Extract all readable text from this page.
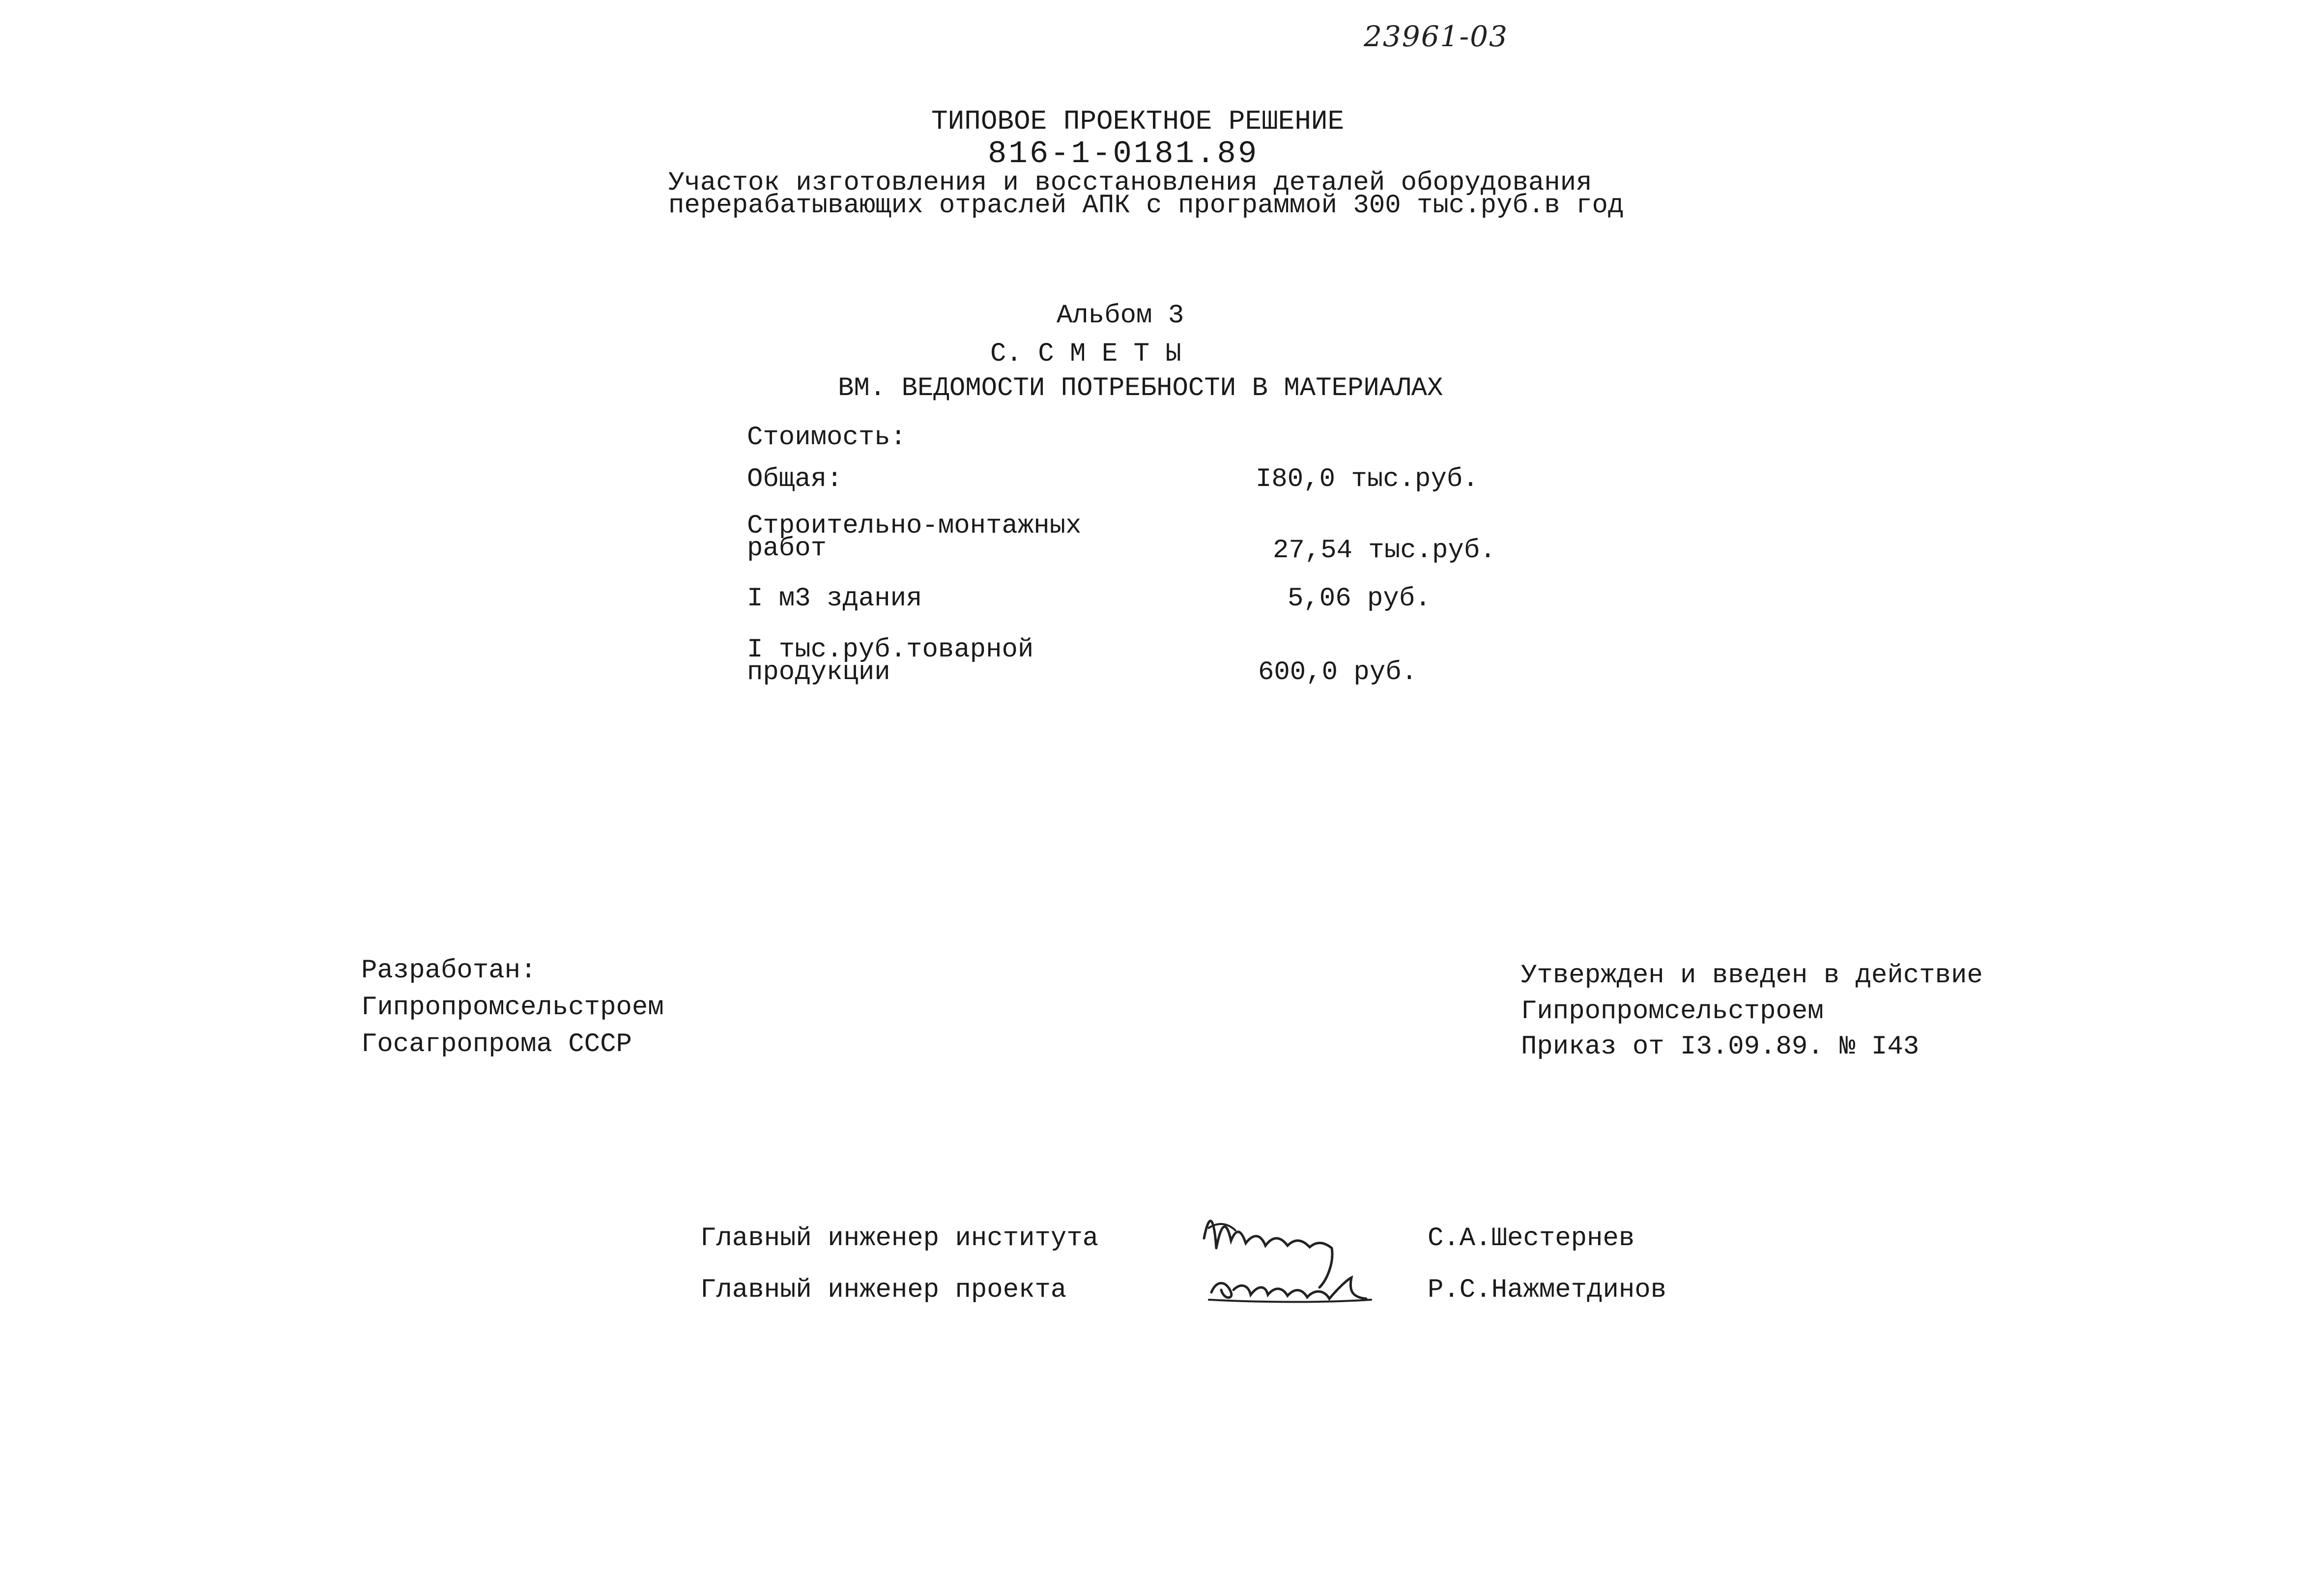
23961-03
ТИПОВОЕ ПРОЕКТНОЕ РЕШЕНИЕ
816-1-0181.89
Участок изготовления и восстановления деталей оборудования
перерабатывающих отраслей АПК с программой 300 тыс.руб.в год
Альбом 3
С. С М Е Т Ы
ВМ. ВЕДОМОСТИ ПОТРЕБНОСТИ В МАТЕРИАЛАХ
Стоимость:
Общая:	I80,0 тыс.руб.
Строительно-монтажных
работ	27,54 тыс.руб.
I м3 здания	5,06 руб.
I тыс.руб.товарной
продукции	600,0 руб.
Разработан:
Гипропромсельстроем
Госагропрома СССР
Утвержден и введен в действие
Гипропромсельстроем
Приказ от I3.09.89. № I43
Главный инженер института	С.А.Шестернев
Главный инженер проекта	Р.С.Нажметдинов
